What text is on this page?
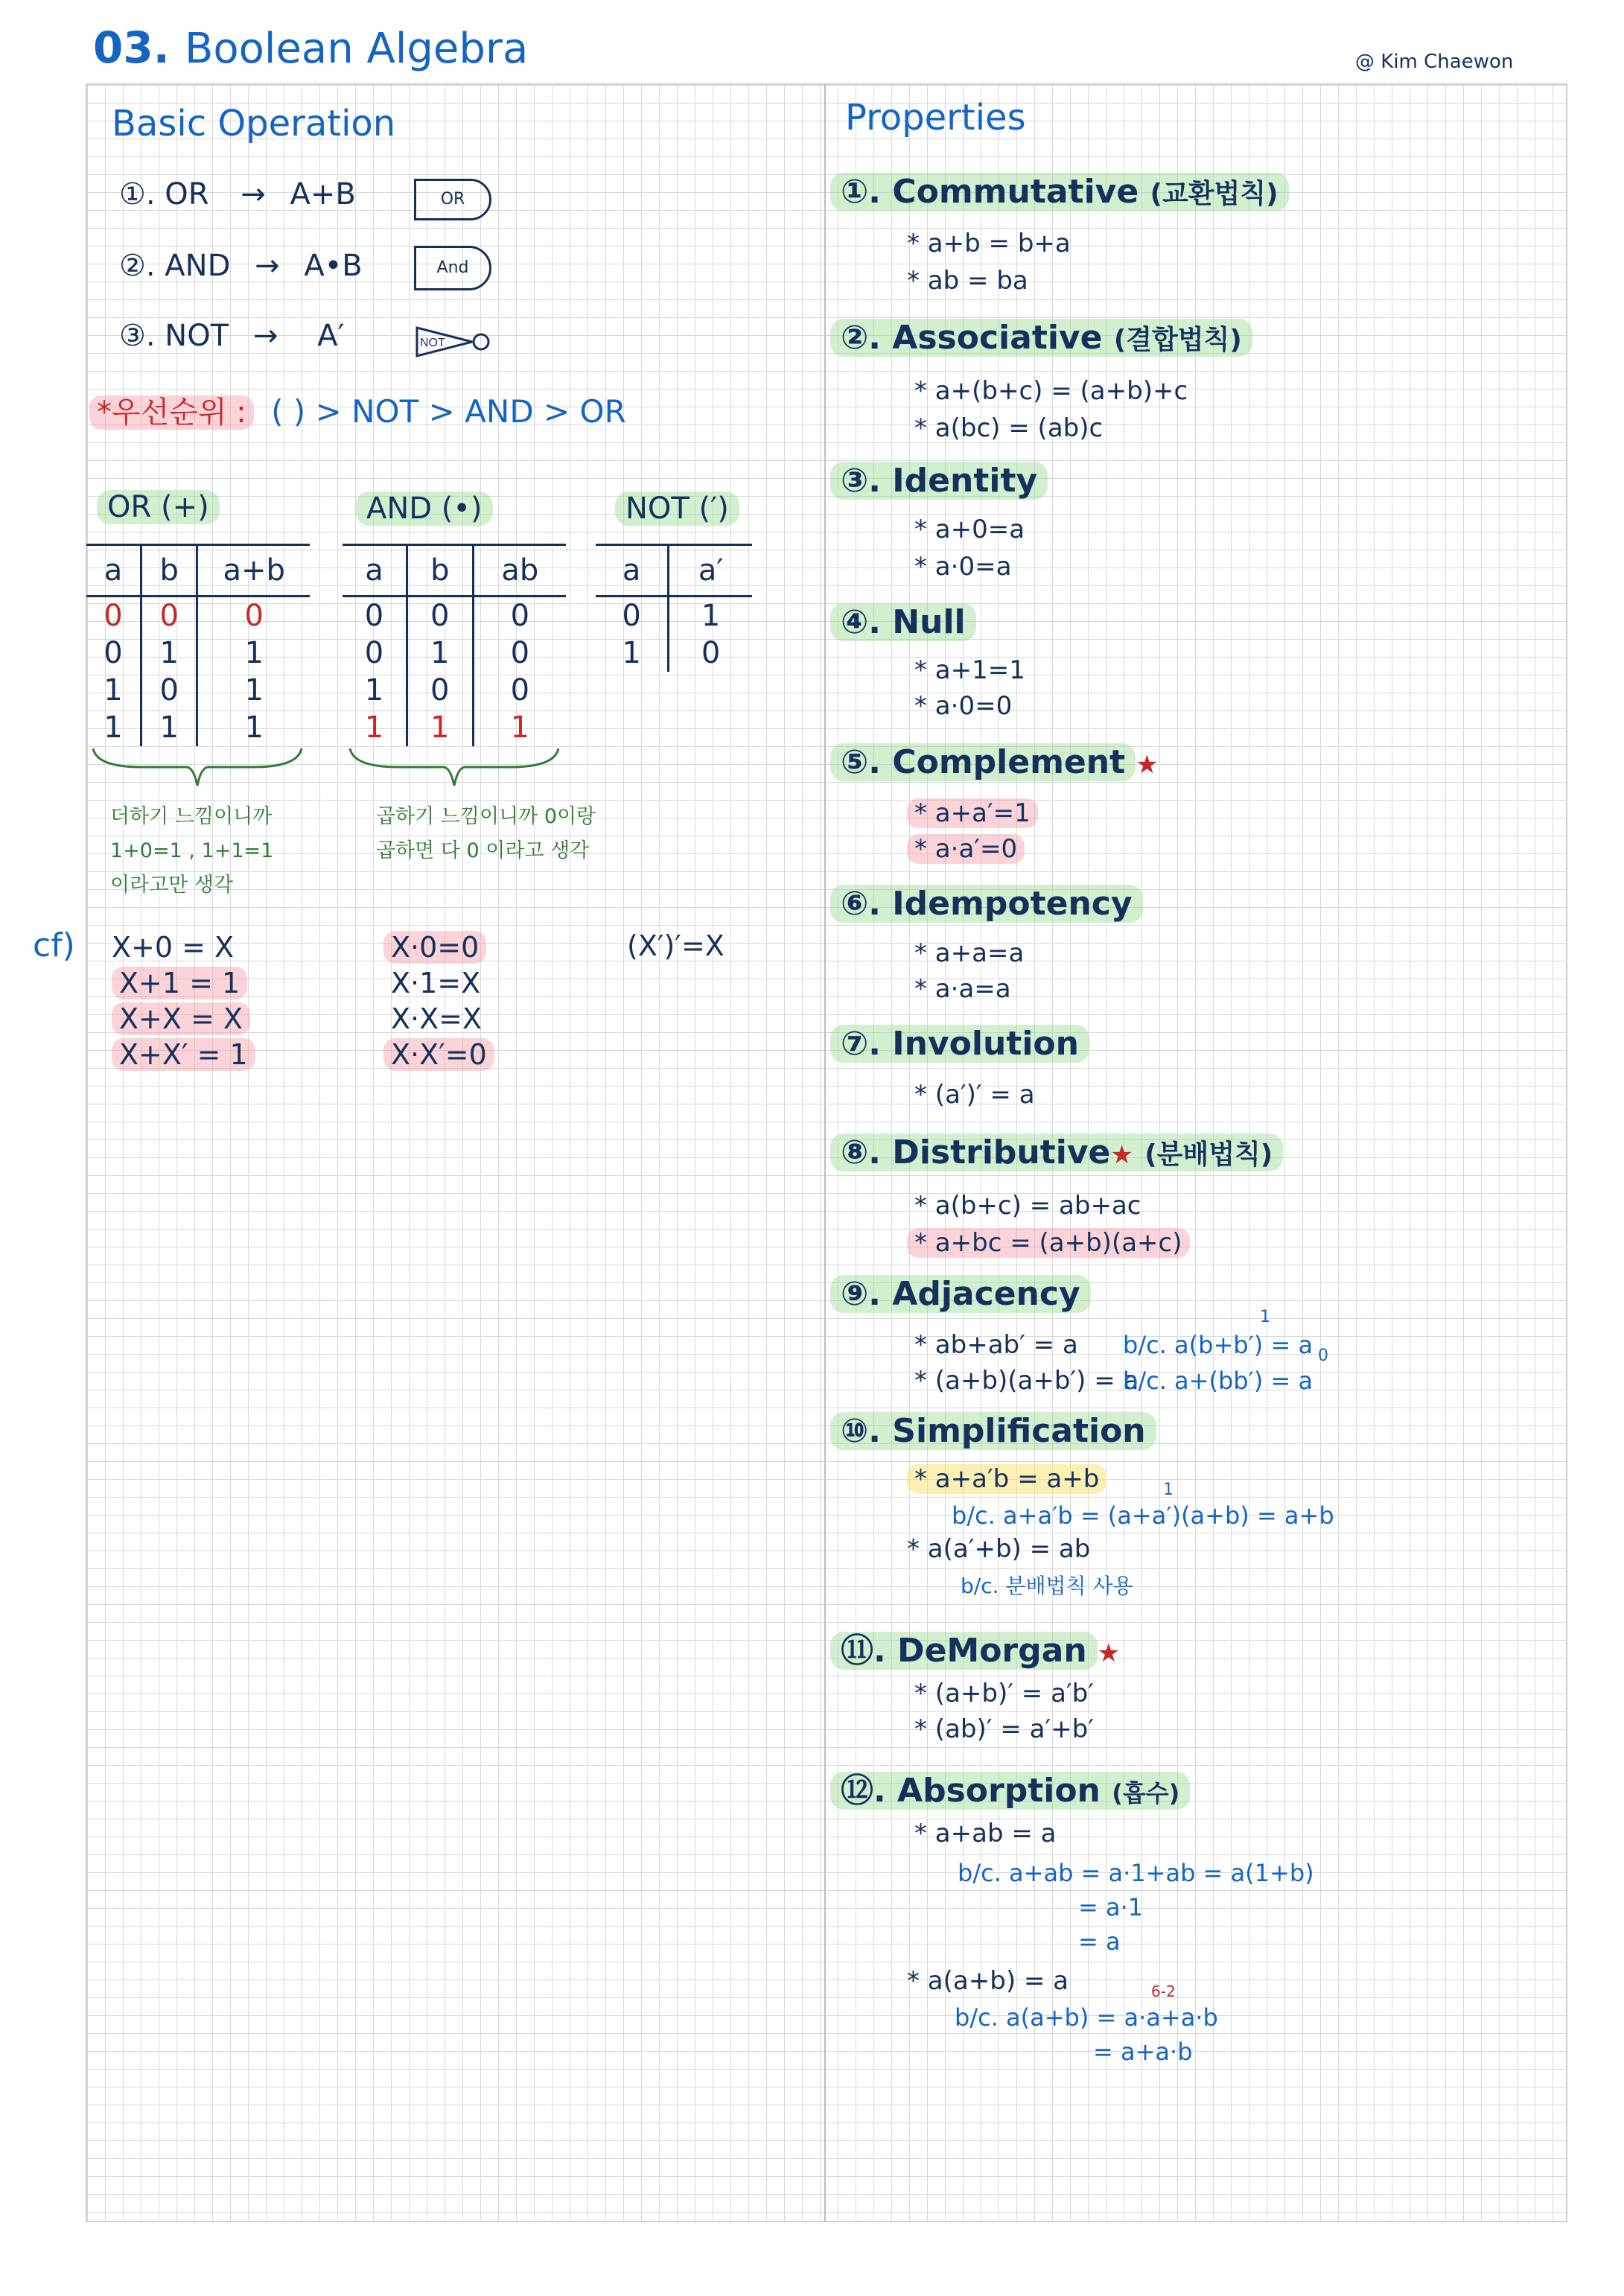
03. Boolean Algebra	@ Kim Chaewon
Basic Operation
①. OR → A+B	OR
②. AND → A•B	And
③. NOT → A′	NOT
*우선순위 : ( ) > NOT > AND > OR
OR (+)	AND (•)	NOT (′)
a	b	a+b
0	0	0
0	1	1
1	0	1
1	1	1
a	b	ab
0	0	0
0	1	0
1	0	0
1	1	1
a	a′
0	1
1	0
더하기 느낌이니까
1+0=1 , 1+1=1
이라고만 생각
곱하기 느낌이니까 0이랑
곱하면 다 0 이라고 생각
cf) X+0 = X
X+1 = 1
X+X = X
X+X′ = 1
X·0=0
X·1=X
X·X=X
X·X′=0
(X′)′=X
Properties
①. Commutative (교환법칙)
* a+b = b+a
* ab = ba
②. Associative (결합법칙)
* a+(b+c) = (a+b)+c
* a(bc) = (ab)c
③. Identity
* a+0=a
* a·0=a
④. Null
* a+1=1
* a·0=0
⑤. Complement ★
* a+a′=1
* a·a′=0
⑥. Idempotency
* a+a=a
* a·a=a
⑦. Involution
* (a′)′ = a
⑧. Distributive★ (분배법칙)
* a(b+c) = ab+ac
* a+bc = (a+b)(a+c)
⑨. Adjacency
* ab+ab′ = a
* (a+b)(a+b′) = a
b/c. a(b+b′) = a
b/c. a+(bb′) = a
1
0
⑩. Simplification
* a+a′b = a+b
b/c. a+a′b = (a+a′)(a+b) = a+b
1
* a(a′+b) = ab
b/c. 분배법칙 사용
⑪. DeMorgan ★
* (a+b)′ = a′b′
* (ab)′ = a′+b′
⑫. Absorption (흡수)
* a+ab = a
b/c. a+ab = a·1+ab = a(1+b)
= a·1
= a
* a(a+b) = a	6-2
b/c. a(a+b) = a·a+a·b
= a+a·b
